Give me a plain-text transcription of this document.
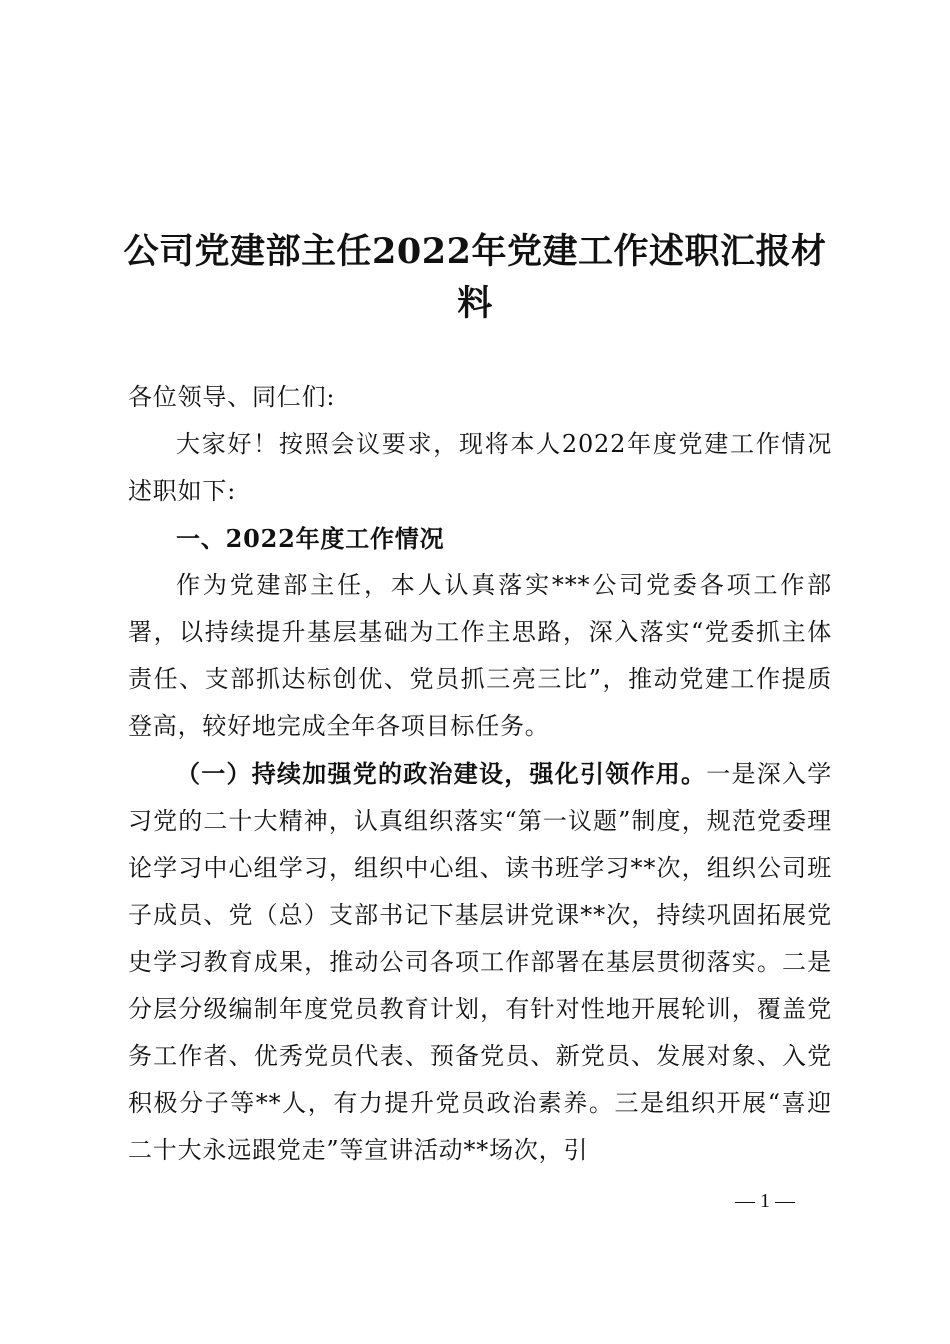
公司党建部主任2022年党建工作述职汇报材
料

各位领导、同仁们:

大家好！按照会议要求，现将本人2022年度党建工作情况述职如下:

一、2022年度工作情况

作为党建部主任，本人认真落实***公司党委各项工作部署，以持续提升基层基础为工作主思路，深入落实“党委抓主体责任、支部抓达标创优、党员抓三亮三比”，推动党建工作提质登高，较好地完成全年各项目标任务。

（一）持续加强党的政治建设，强化引领作用。一是深入学习党的二十大精神，认真组织落实“第一议题”制度，规范党委理论学习中心组学习，组织中心组、读书班学习**次，组织公司班子成员、党（总）支部书记下基层讲党课**次，持续巩固拓展党史学习教育成果，推动公司各项工作部署在基层贯彻落实。二是分层分级编制年度党员教育计划，有针对性地开展轮训，覆盖党务工作者、优秀党员代表、预备党员、新党员、发展对象、入党积极分子等**人，有力提升党员政治素养。三是组织开展“喜迎二十大永远跟党走”等宣讲活动**场次，引

— 1 —
